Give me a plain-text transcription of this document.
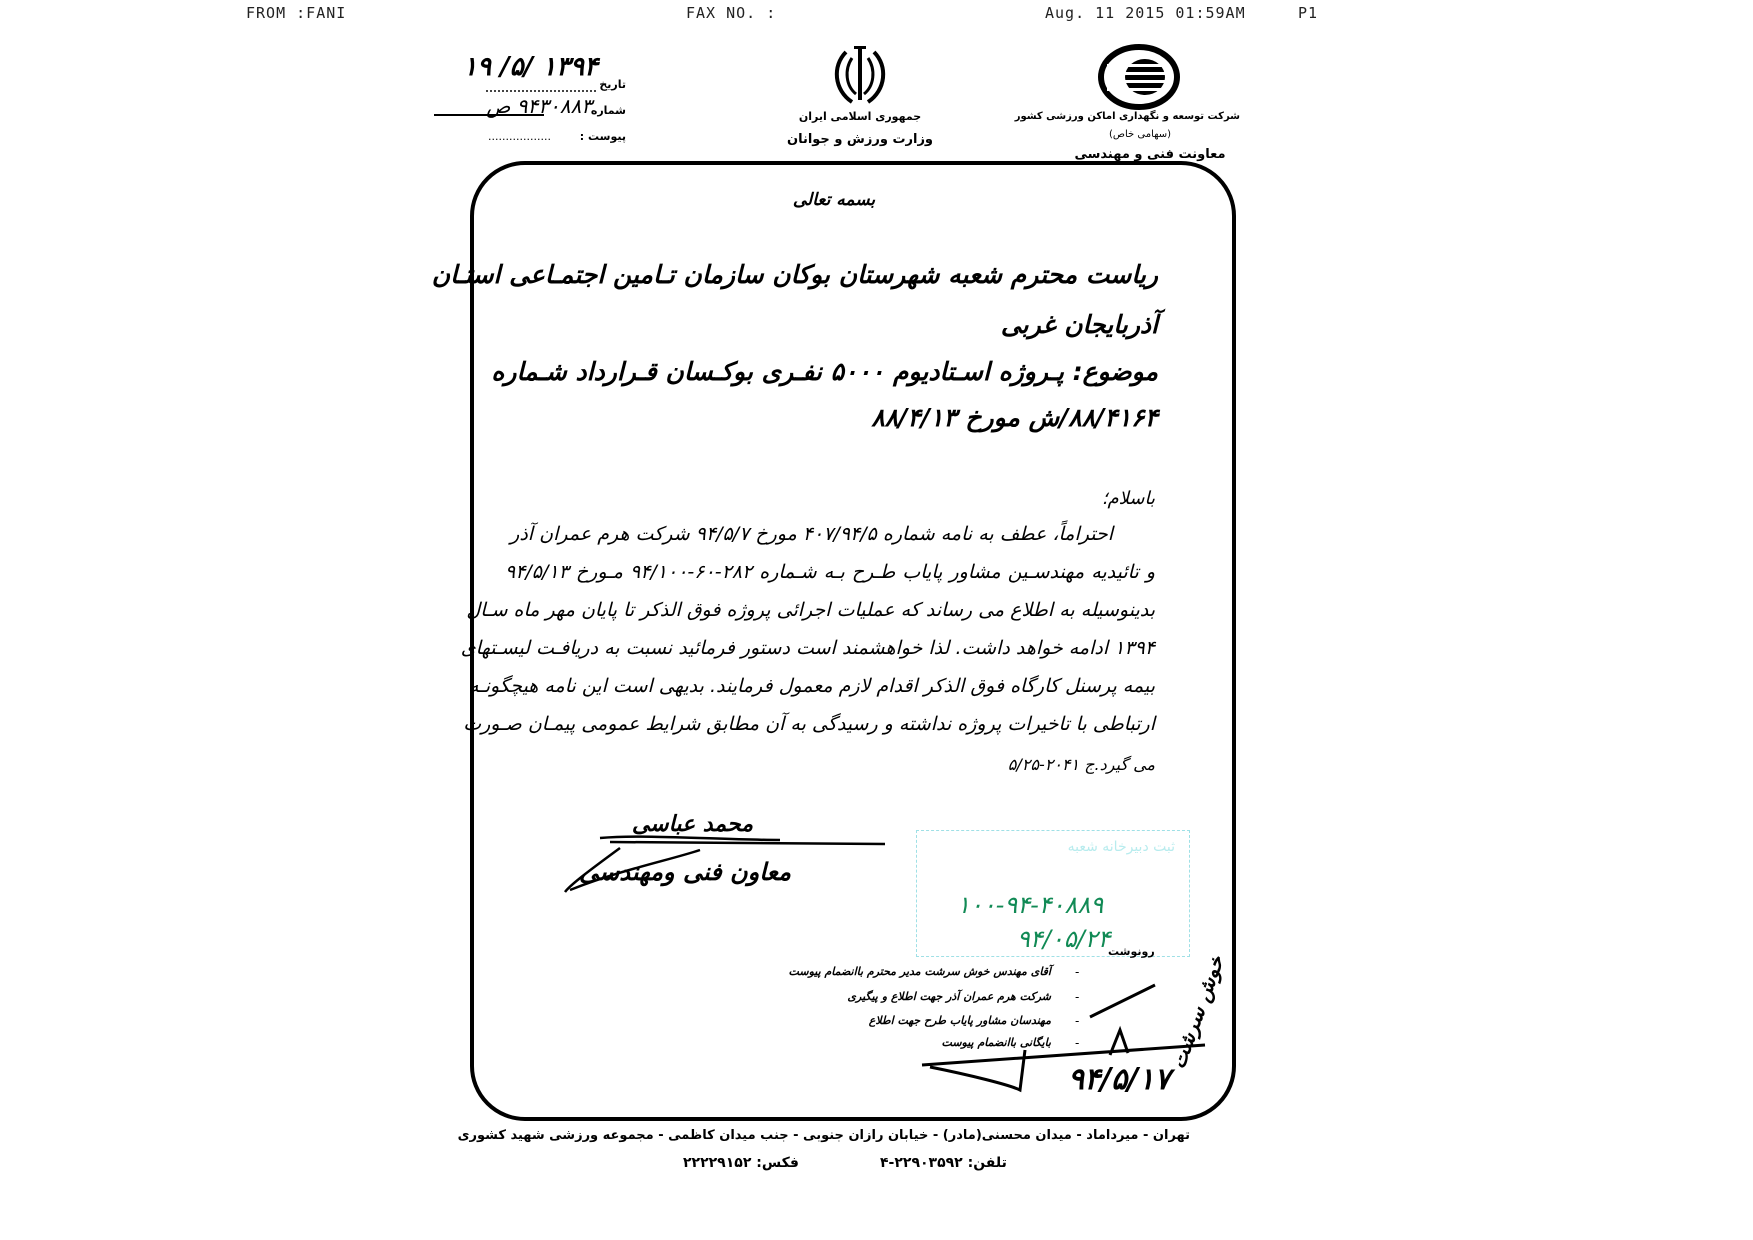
FROM :FANI	FAX NO. :	Aug. 11 2015 01:59AM	P1
۱۳۹۴ /۵/ ۱۹
تاریخ
۹۴۳۰۸۸۳ ص
شماره
پیوست :
..................
جمهوری اسلامی ایران
وزارت ورزش و جوانان
شرکت توسعه و نگهداری اماکن ورزشی کشور
(سهامی خاص)
معاونت فنی و مهندسی
بسمه تعالی
ریاست محترم شعبه شهرستان بوکان سازمان تـامین اجتمـاعی استـان
آذربایجان غربی
موضوع: پـروژه اسـتادیوم ۵۰۰۰ نفـری بوکـسان قـرارداد شـماره
۸۸/۴۱۶۴/ش مورخ ۸۸/۴/۱۳
باسلام؛
احتراماً، عطف به نامه شماره ۴۰۷/۹۴/۵ مورخ ۹۴/۵/۷ شرکت هرم عمران آذر
و تائیدیه مهندسـین مشاور پایاب طـرح بـه شـماره ۲۸۲-۶۰-۹۴/۱۰۰ مـورخ ۹۴/۵/۱۳
بدینوسیله به اطلاع می رساند که عملیات اجرائی پروژه فوق الذکر تا پایان مهر ماه سـال
۱۳۹۴ ادامه خواهد داشت. لذا خواهشمند است دستور فرمائید نسبت به دریافـت لیسـتهای
بیمه پرسنل کارگاه فوق الذکر اقدام لازم معمول فرمایند. بدیهی است این نامه هیچگونـه
ارتباطی با تاخیرات پروژه نداشته و رسیدگی به آن مطابق شرایط عمومی پیمـان صـورت
می گیرد.ج ۲۰۴۱-۵/۲۵
محمد عباسی
معاون فنی ومهندسی
ثبت دبیرخانه شعبه
۱۰۰-۹۴-۴۰۸۸۹
۹۴/۰۵/۲۴
رونوشت
آقای مهندس خوش سرشت مدیر محترم باانضمام پیوست
شرکت هرم عمران آذر جهت اطلاع و پیگیری
مهندسان مشاور پایاب طرح جهت اطلاع
بایگانی باانضمام پیوست
-
-
-
-	خوش سرشت
۹۴/۵/۱۷
تهران - میرداماد - میدان محسنی(مادر) - خیابان رازان جنوبی - جنب میدان کاظمی - مجموعه ورزشی شهید کشوری
تلفن: ۲۲۹۰۳۵۹۲-۴
فکس: ۲۲۲۲۹۱۵۲
